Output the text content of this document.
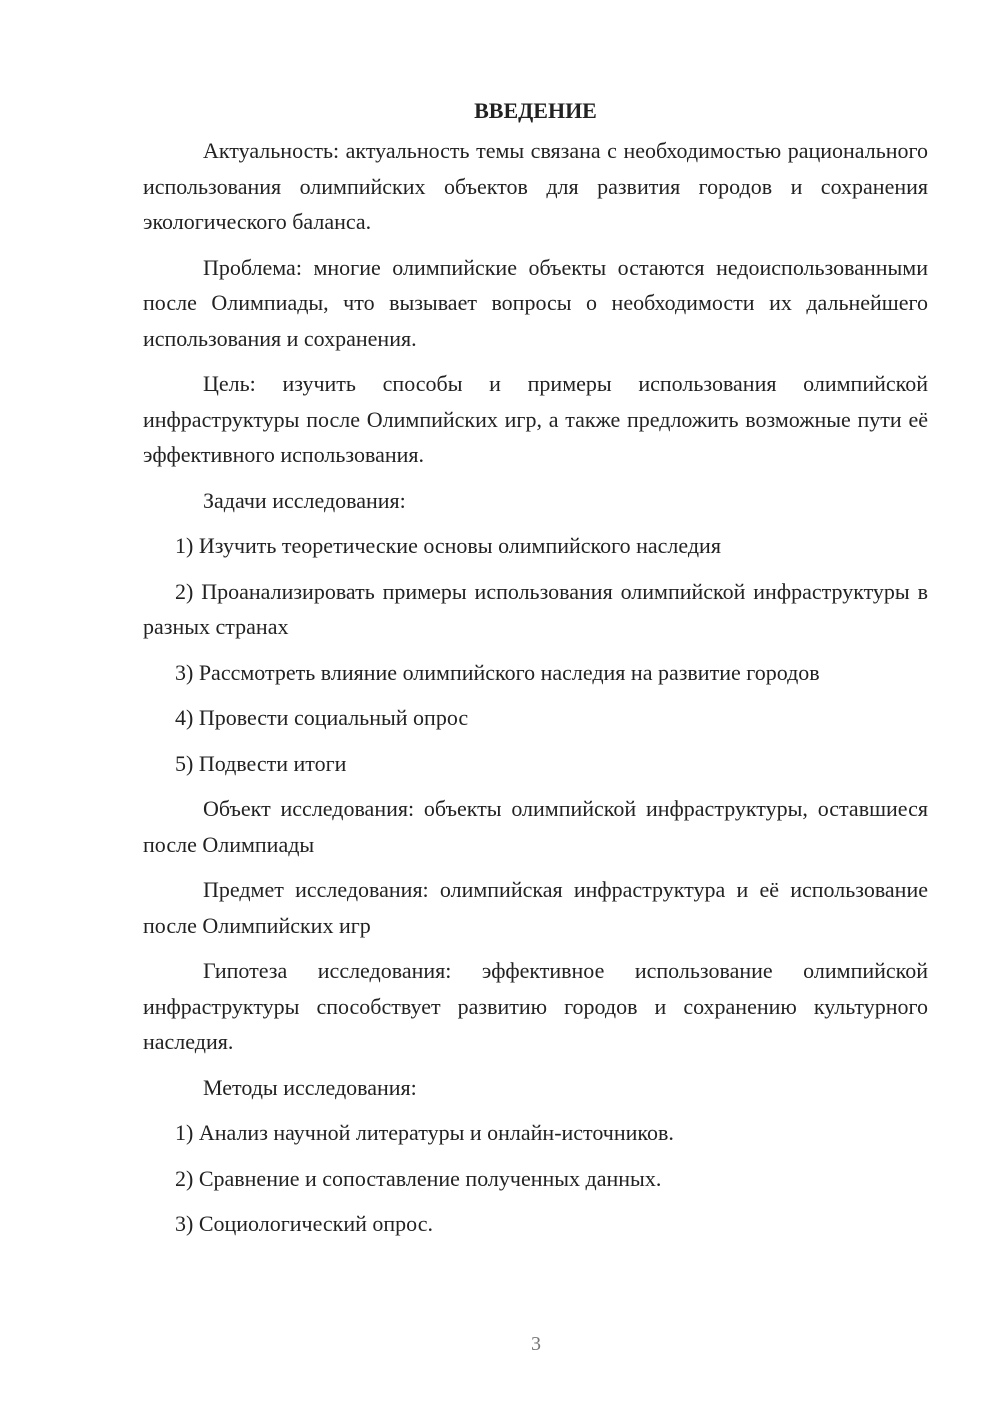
ВВЕДЕНИЕ

Актуальность: актуальность темы связана с необходимостью рационального использования олимпийских объектов для развития городов и сохранения экологического баланса.

Проблема: многие олимпийские объекты остаются недоиспользованными после Олимпиады, что вызывает вопросы о необходимости их дальнейшего использования и сохранения.

Цель: изучить способы и примеры использования олимпийской инфраструктуры после Олимпийских игр, а также предложить возможные пути её эффективного использования.

Задачи исследования:

1) Изучить теоретические основы олимпийского наследия

2) Проанализировать примеры использования олимпийской инфраструктуры в разных странах

3) Рассмотреть влияние олимпийского наследия на развитие городов

4) Провести социальный опрос

5) Подвести итоги

Объект исследования: объекты олимпийской инфраструктуры, оставшиеся после Олимпиады

Предмет исследования: олимпийская инфраструктура и её использование после Олимпийских игр

Гипотеза исследования: эффективное использование олимпийской инфраструктуры способствует развитию городов и сохранению культурного наследия.

Методы исследования:

1) Анализ научной литературы и онлайн-источников.

2) Сравнение и сопоставление полученных данных.

3) Социологический опрос.

3
